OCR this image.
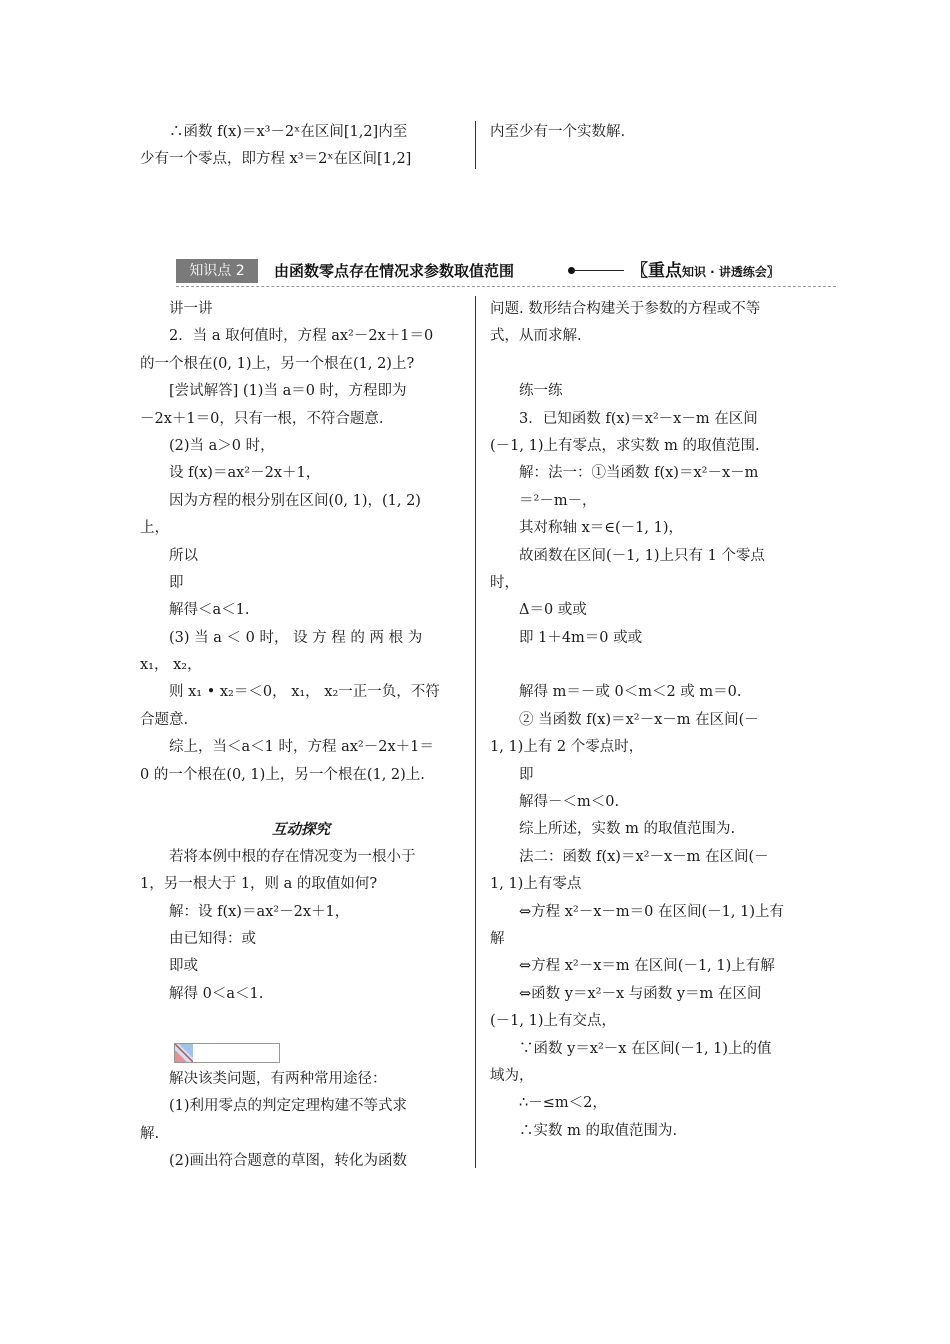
∴函数 f(x)＝x³－2ˣ在区间[1,2]内至
少有一个零点，即方程 x³＝2ˣ在区间[1,2]
内至少有一个实数解.
知识点 2	由函数零点存在情况求参数取值范围	〖重点知识 · 讲透练会〗
讲一讲
2．当 a 取何值时，方程 ax²－2x＋1＝0
的一个根在(0, 1)上，另一个根在(1, 2)上?
[尝试解答] (1)当 a＝0 时，方程即为
－2x＋1＝0，只有一根，不符合题意.
(2)当 a＞0 时，
设 f(x)＝ax²－2x＋1，
因为方程的根分别在区间(0, 1)，(1, 2)
上，
所以
即
解得＜a＜1.
(3) 当 a ＜ 0 时， 设 方 程 的 两 根 为
x₁， x₂，
则 x₁ • x₂＝＜0， x₁， x₂一正一负，不符
合题意.
综上，当＜a＜1 时，方程 ax²－2x＋1＝
0 的一个根在(0, 1)上，另一个根在(1, 2)上.
互动探究
若将本例中根的存在情况变为一根小于
1，另一根大于 1，则 a 的取值如何?
解：设 f(x)＝ax²－2x＋1，
由已知得：或
即或
解得 0＜a＜1.
解决该类问题，有两种常用途径：
(1)利用零点的判定定理构建不等式求
解.
(2)画出符合题意的草图，转化为函数
问题. 数形结合构建关于参数的方程或不等
式，从而求解.
练一练
3．已知函数 f(x)＝x²－x－m 在区间
(－1, 1)上有零点，求实数 m 的取值范围.
解：法一：①当函数 f(x)＝x²－x－m
＝²－m－，
其对称轴 x＝∈(－1, 1)，
故函数在区间(－1, 1)上只有 1 个零点
时，
Δ＝0 或或
即 1＋4m＝0 或或
解得 m＝－或 0＜m＜2 或 m＝0.
② 当函数 f(x)＝x²－x－m 在区间(－
1, 1)上有 2 个零点时，
即
解得－＜m＜0.
综上所述，实数 m 的取值范围为.
法二：函数 f(x)＝x²－x－m 在区间(－
1, 1)上有零点
⇔方程 x²－x－m＝0 在区间(－1, 1)上有
解
⇔方程 x²－x＝m 在区间(－1, 1)上有解
⇔函数 y＝x²－x 与函数 y＝m 在区间
(－1, 1)上有交点，
∵函数 y＝x²－x 在区间(－1, 1)上的值
域为，
∴－≤m＜2，
∴实数 m 的取值范围为.
